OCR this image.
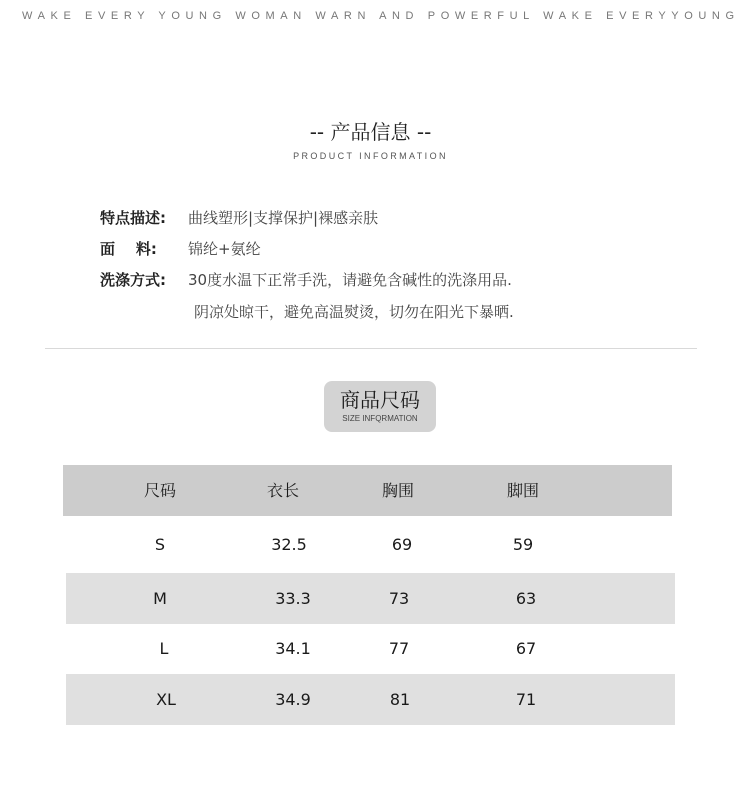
WAKE EVERY YOUNG WOMAN WARN AND POWERFUL WAKE EVERYYOUNG
-- 产品信息 --
PRODUCT INFORMATION
特点描述: 曲线塑形|支撑保护|裸感亲肤
面    料: 锦纶+氨纶
洗涤方式: 30度水温下正常手洗，请避免含碱性的洗涤用品.
阴凉处晾干，避免高温熨烫，切勿在阳光下暴晒.
商品尺码
SIZE INFQRMATION
尺码	衣长	胸围	脚围
S	32.5	69	59
M	33.3	73	63
L	34.1	77	67
XL	34.9	81	71
